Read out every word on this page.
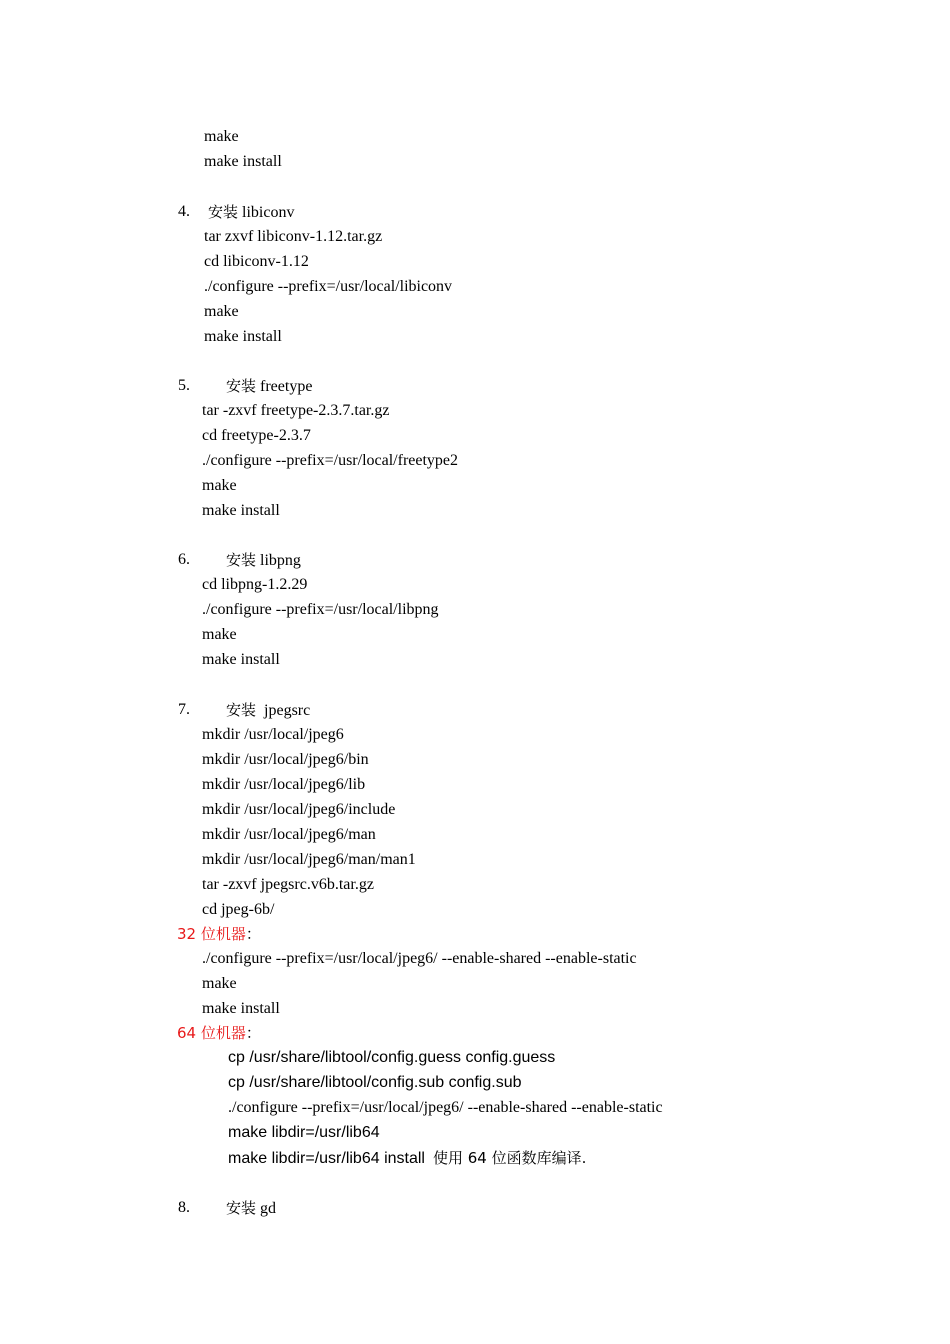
make
make install
4. 安装 libiconv
tar zxvf libiconv-1.12.tar.gz
cd libiconv-1.12
./configure --prefix=/usr/local/libiconv
make
make install
5. 安装 freetype
tar -zxvf freetype-2.3.7.tar.gz
cd freetype-2.3.7
./configure --prefix=/usr/local/freetype2
make
make install
6. 安装 libpng
cd libpng-1.2.29
./configure --prefix=/usr/local/libpng
make
make install
7. 安装 jpegsrc
mkdir /usr/local/jpeg6
mkdir /usr/local/jpeg6/bin
mkdir /usr/local/jpeg6/lib
mkdir /usr/local/jpeg6/include
mkdir /usr/local/jpeg6/man
mkdir /usr/local/jpeg6/man/man1
tar -zxvf jpegsrc.v6b.tar.gz
cd jpeg-6b/
32 位机器：
./configure --prefix=/usr/local/jpeg6/ --enable-shared --enable-static
make
make install
64 位机器：
cp /usr/share/libtool/config.guess config.guess
cp /usr/share/libtool/config.sub config.sub
./configure --prefix=/usr/local/jpeg6/ --enable-shared --enable-static
make libdir=/usr/lib64
make libdir=/usr/lib64 install 使用 64 位函数库编译.
8. 安装 gd
